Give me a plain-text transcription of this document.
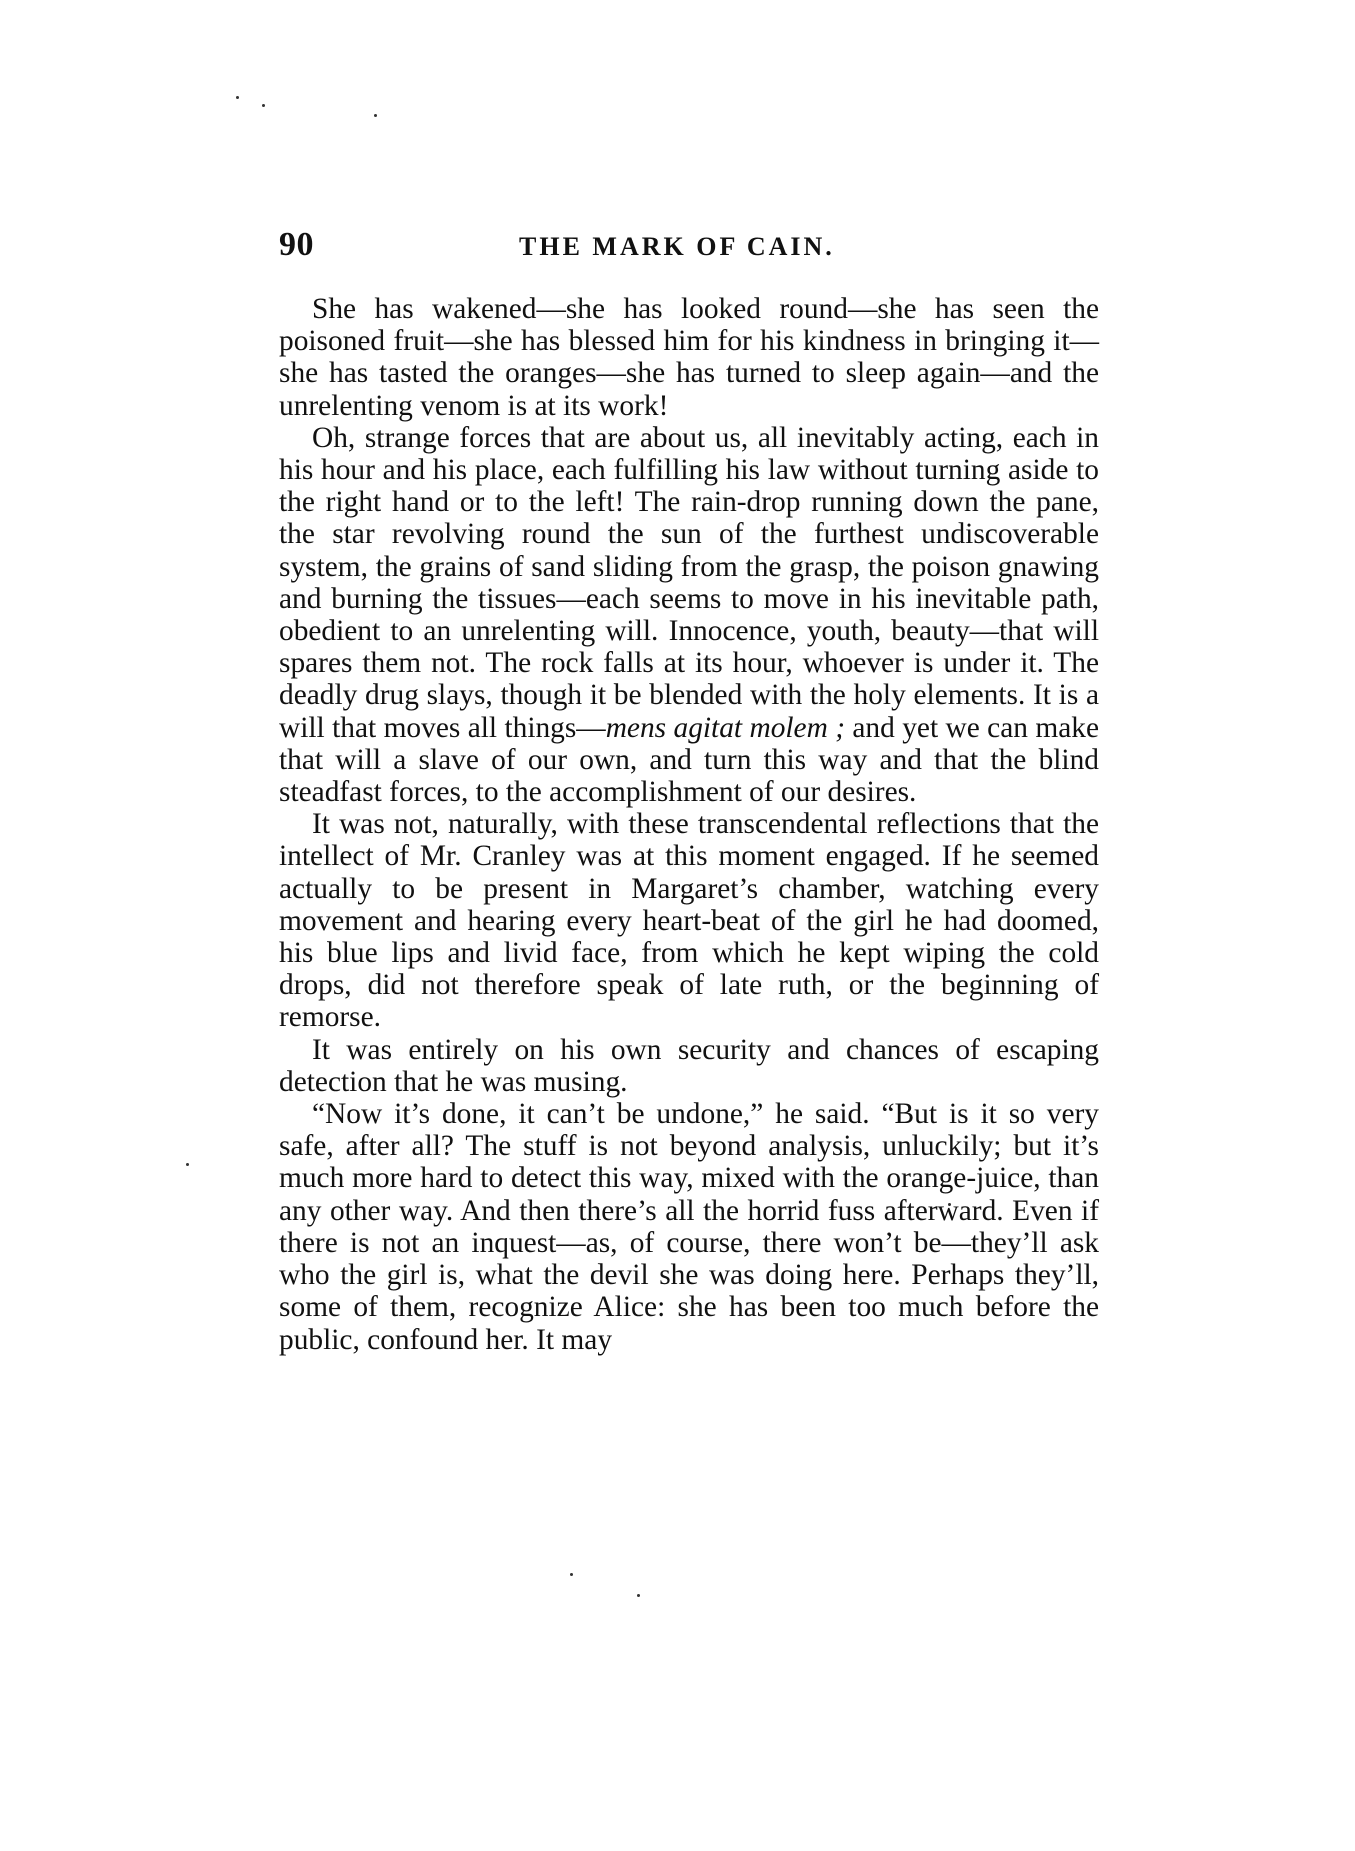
90	THE MARK OF CAIN.

She has wakened—she has looked round—she has seen the poisoned fruit—she has blessed him for his kindness in bringing it—she has tasted the oranges—she has turned to sleep again—and the unrelenting venom is at its work!

Oh, strange forces that are about us, all inevitably acting, each in his hour and his place, each fulfilling his law without turning aside to the right hand or to the left! The rain-drop running down the pane, the star revolving round the sun of the furthest undiscoverable system, the grains of sand sliding from the grasp, the poison gnawing and burning the tissues—each seems to move in his inevitable path, obedient to an unrelenting will. Innocence, youth, beauty—that will spares them not. The rock falls at its hour, whoever is under it. The deadly drug slays, though it be blended with the holy elements. It is a will that moves all things—mens agitat molem ; and yet we can make that will a slave of our own, and turn this way and that the blind steadfast forces, to the accomplishment of our desires.

It was not, naturally, with these transcendental reflections that the intellect of Mr. Cranley was at this moment engaged. If he seemed actually to be present in Margaret’s chamber, watching every movement and hearing every heart-beat of the girl he had doomed, his blue lips and livid face, from which he kept wiping the cold drops, did not therefore speak of late ruth, or the beginning of remorse.

It was entirely on his own security and chances of escaping detection that he was musing.

“Now it’s done, it can’t be undone,” he said. “But is it so very safe, after all? The stuff is not beyond analysis, unluckily; but it’s much more hard to detect this way, mixed with the orange-juice, than any other way. And then there’s all the horrid fuss afterward. Even if there is not an inquest—as, of course, there won’t be—they’ll ask who the girl is, what the devil she was doing here. Perhaps they’ll, some of them, recognize Alice: she has been too much before the public, confound her. It may
